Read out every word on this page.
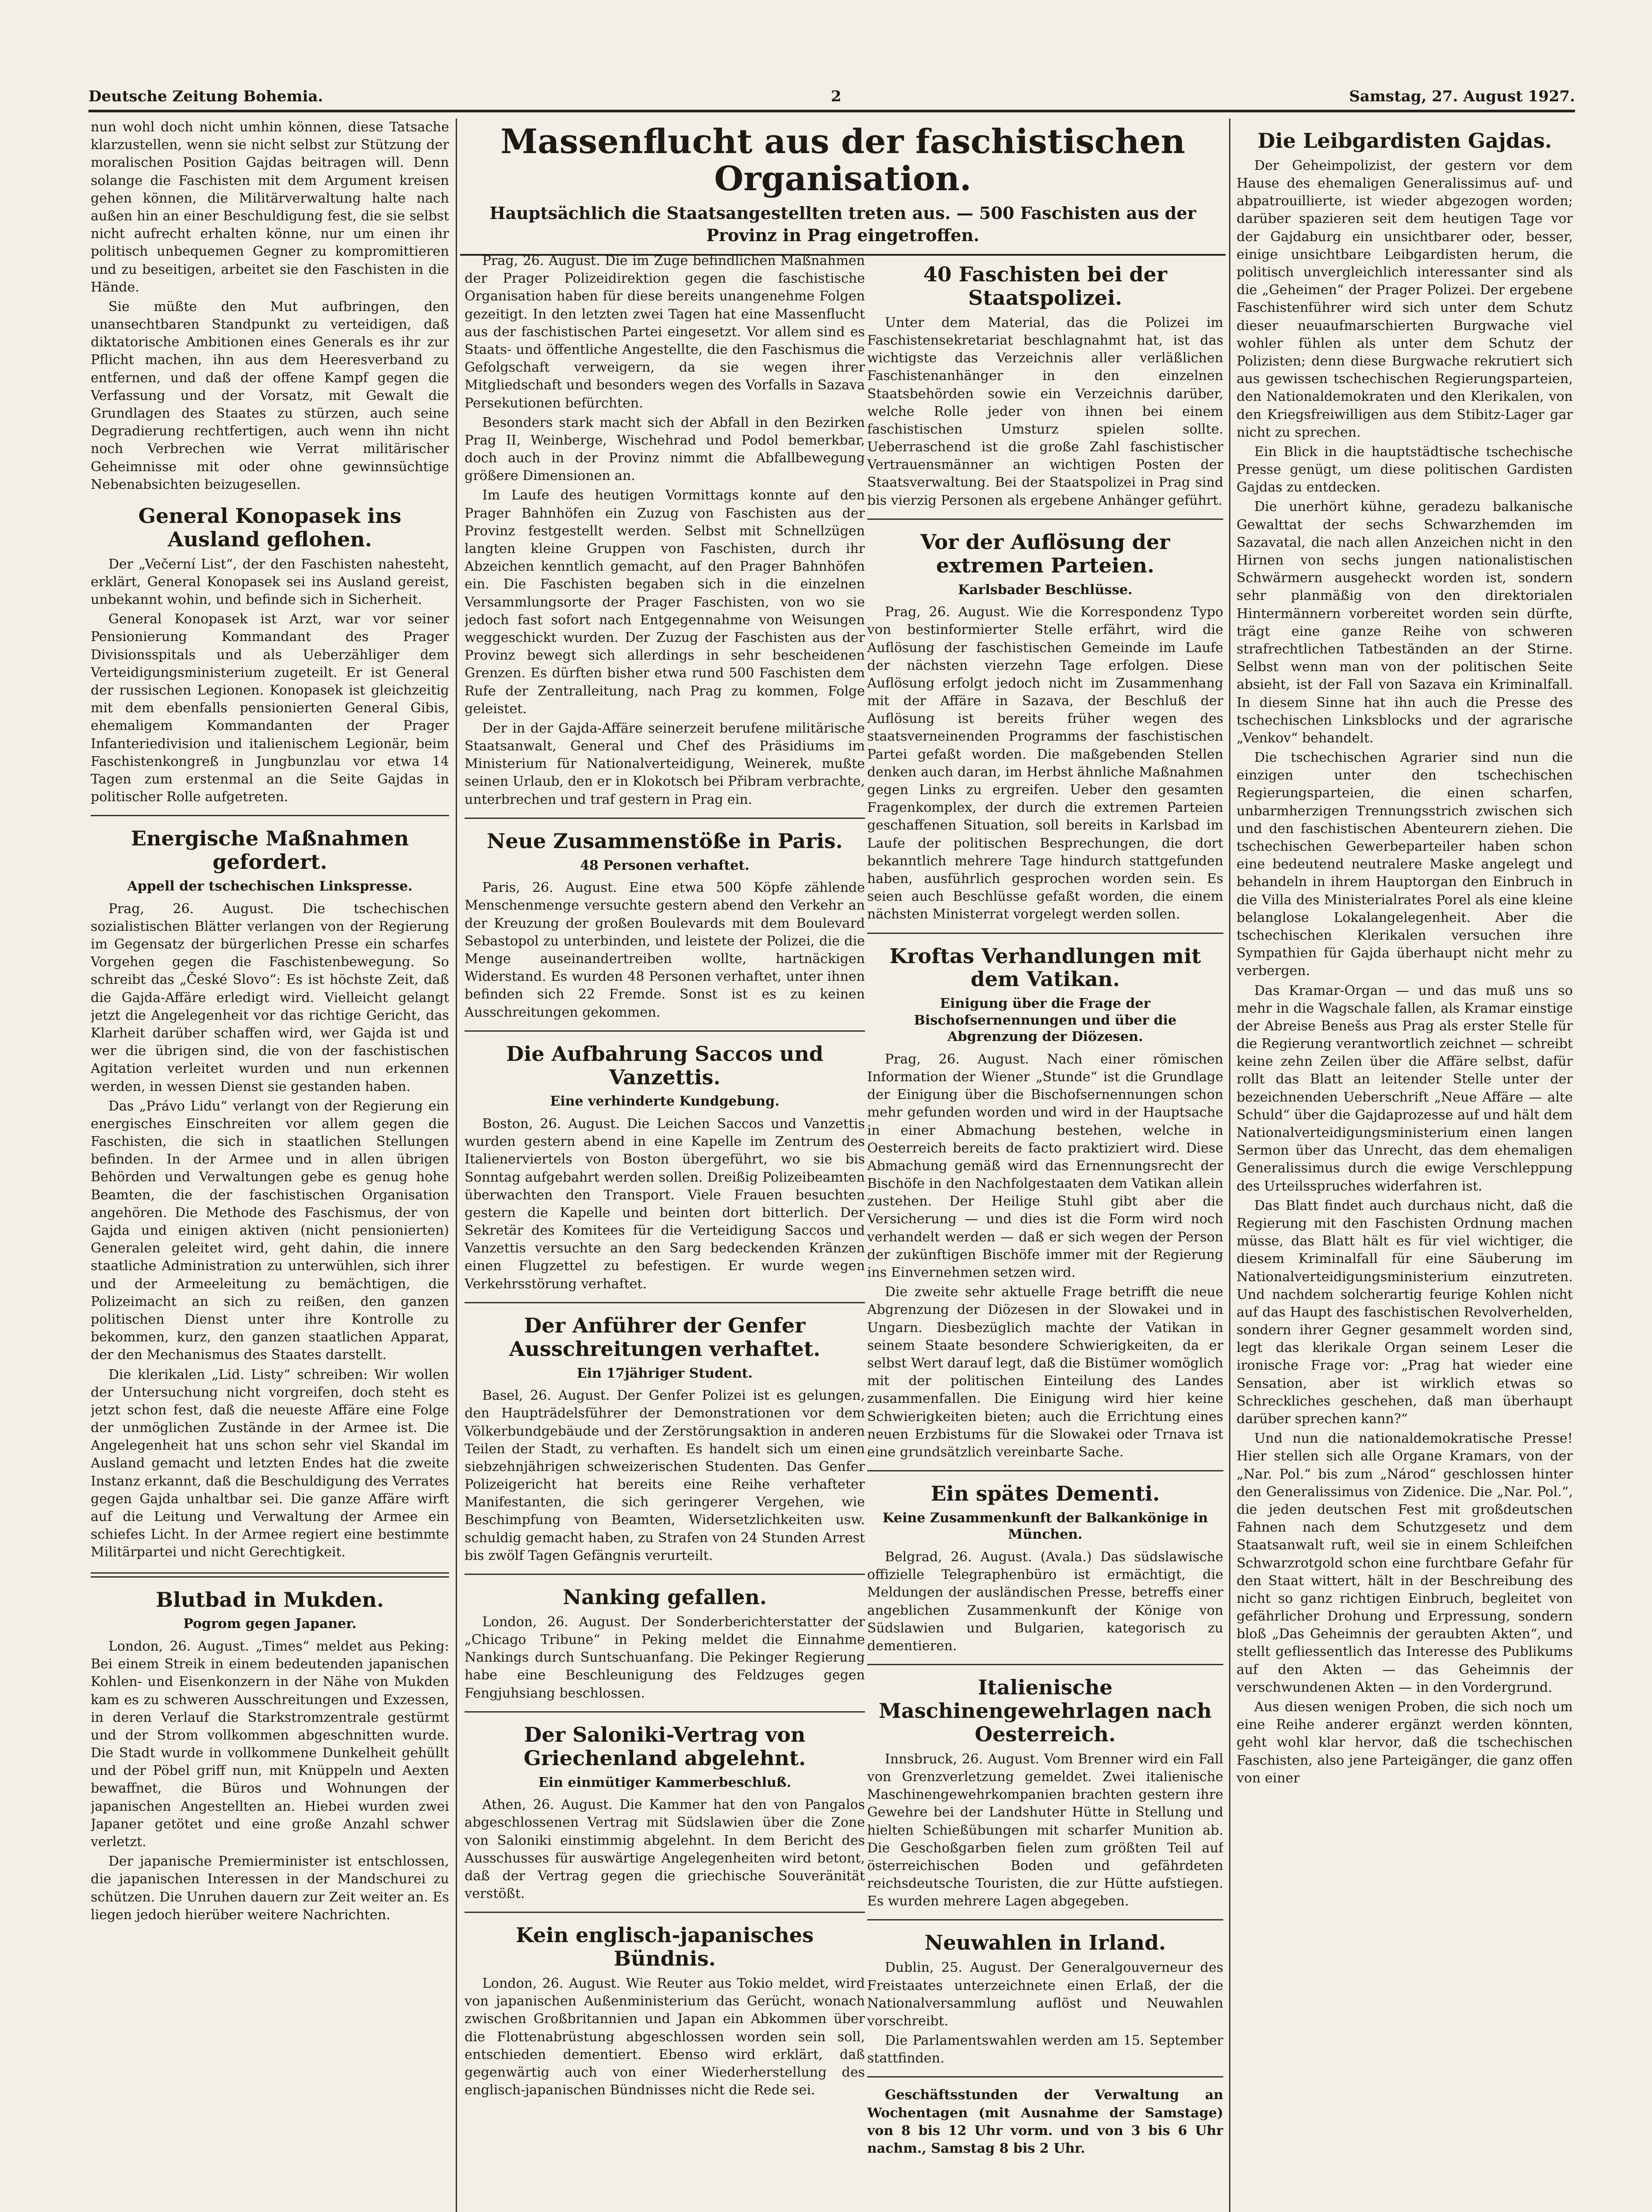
Deutsche Zeitung Bohemia.	2	Samstag, 27. August 1927.

nun wohl doch nicht umhin können, diese Tatsache klarzustellen, wenn sie nicht selbst zur Stützung der moralischen Position Gajdas beitragen will. Denn solange die Faschisten mit dem Argument kreisen gehen können, die Militärverwaltung halte nach außen hin an einer Beschuldigung fest, die sie selbst nicht aufrecht erhalten könne, nur um einen ihr politisch unbequemen Gegner zu kompromittieren und zu beseitigen, arbeitet sie den Faschisten in die Hände.

Sie müßte den Mut aufbringen, den unansechtbaren Standpunkt zu verteidigen, daß diktatorische Ambitionen eines Generals es ihr zur Pflicht machen, ihn aus dem Heeresverband zu entfernen, und daß der offene Kampf gegen die Verfassung und der Vorsatz, mit Gewalt die Grundlagen des Staates zu stürzen, auch seine Degradierung rechtfertigen, auch wenn ihn nicht noch Verbrechen wie Verrat militärischer Geheimnisse mit oder ohne gewinnsüchtige Nebenabsichten beizugesellen.

General Konopasek ins Ausland geflohen.

Der „Večerní List“, der den Faschisten nahesteht, erklärt, General Konopasek sei ins Ausland gereist, unbekannt wohin, und befinde sich in Sicherheit.

General Konopasek ist Arzt, war vor seiner Pensionierung Kommandant des Prager Divisionsspitals und als Ueberzähliger dem Verteidigungsministerium zugeteilt. Er ist General der russischen Legionen. Konopasek ist gleichzeitig mit dem ebenfalls pensionierten General Gibis, ehemaligem Kommandanten der Prager Infanteriedivision und italienischem Legionär, beim Faschistenkongreß in Jungbunzlau vor etwa 14 Tagen zum erstenmal an die Seite Gajdas in politischer Rolle aufgetreten.

Energische Maßnahmen gefordert.
Appell der tschechischen Linkspresse.

Prag, 26. August. Die tschechischen sozialistischen Blätter verlangen von der Regierung im Gegensatz der bürgerlichen Presse ein scharfes Vorgehen gegen die Faschistenbewegung. So schreibt das „České Slovo“: Es ist höchste Zeit, daß die Gajda-Affäre erledigt wird. Vielleicht gelangt jetzt die Angelegenheit vor das richtige Gericht, das Klarheit darüber schaffen wird, wer Gajda ist und wer die übrigen sind, die von der faschistischen Agitation verleitet wurden und nun erkennen werden, in wessen Dienst sie gestanden haben.

Das „Právo Lidu“ verlangt von der Regierung ein energisches Einschreiten vor allem gegen die Faschisten, die sich in staatlichen Stellungen befinden. In der Armee und in allen übrigen Behörden und Verwaltungen gebe es genug hohe Beamten, die der faschistischen Organisation angehören. Die Methode des Faschismus, der von Gajda und einigen aktiven (nicht pensionierten) Generalen geleitet wird, geht dahin, die innere staatliche Administration zu unterwühlen, sich ihrer und der Armeeleitung zu bemächtigen, die Polizeimacht an sich zu reißen, den ganzen politischen Dienst unter ihre Kontrolle zu bekommen, kurz, den ganzen staatlichen Apparat, der den Mechanismus des Staates darstellt.

Die klerikalen „Lid. Listy“ schreiben: Wir wollen der Untersuchung nicht vorgreifen, doch steht es jetzt schon fest, daß die neueste Affäre eine Folge der unmöglichen Zustände in der Armee ist. Die Angelegenheit hat uns schon sehr viel Skandal im Ausland gemacht und letzten Endes hat die zweite Instanz erkannt, daß die Beschuldigung des Verrates gegen Gajda unhaltbar sei. Die ganze Affäre wirft auf die Leitung und Verwaltung der Armee ein schiefes Licht. In der Armee regiert eine bestimmte Militärpartei und nicht Gerechtigkeit.

Blutbad in Mukden.
Pogrom gegen Japaner.

London, 26. August. „Times“ meldet aus Peking: Bei einem Streik in einem bedeutenden japanischen Kohlen- und Eisenkonzern in der Nähe von Mukden kam es zu schweren Ausschreitungen und Exzessen, in deren Verlauf die Starkstromzentrale gestürmt und der Strom vollkommen abgeschnitten wurde. Die Stadt wurde in vollkommene Dunkelheit gehüllt und der Pöbel griff nun, mit Knüppeln und Aexten bewaffnet, die Büros und Wohnungen der japanischen Angestellten an. Hiebei wurden zwei Japaner getötet und eine große Anzahl schwer verletzt.

Der japanische Premierminister ist entschlossen, die japanischen Interessen in der Mandschurei zu schützen. Die Unruhen dauern zur Zeit weiter an. Es liegen jedoch hierüber weitere Nachrichten.

Massenflucht aus der faschistischen Organisation.
Hauptsächlich die Staatsangestellten treten aus. — 500 Faschisten aus der Provinz in Prag eingetroffen.

Prag, 26. August. Die im Zuge befindlichen Maßnahmen der Prager Polizeidirektion gegen die faschistische Organisation haben für diese bereits unangenehme Folgen gezeitigt. In den letzten zwei Tagen hat eine Massenflucht aus der faschistischen Partei eingesetzt. Vor allem sind es Staats- und öffentliche Angestellte, die den Faschismus die Gefolgschaft verweigern, da sie wegen ihrer Mitgliedschaft und besonders wegen des Vorfalls in Sazava Persekutionen befürchten.

Besonders stark macht sich der Abfall in den Bezirken Prag II, Weinberge, Wischehrad und Podol bemerkbar, doch auch in der Provinz nimmt die Abfallbewegung größere Dimensionen an.

Im Laufe des heutigen Vormittags konnte auf den Prager Bahnhöfen ein Zuzug von Faschisten aus der Provinz festgestellt werden. Selbst mit Schnellzügen langten kleine Gruppen von Faschisten, durch ihr Abzeichen kenntlich gemacht, auf den Prager Bahnhöfen ein. Die Faschisten begaben sich in die einzelnen Versammlungsorte der Prager Faschisten, von wo sie jedoch fast sofort nach Entgegennahme von Weisungen weggeschickt wurden. Der Zuzug der Faschisten aus der Provinz bewegt sich allerdings in sehr bescheidenen Grenzen. Es dürften bisher etwa rund 500 Faschisten dem Rufe der Zentralleitung, nach Prag zu kommen, Folge geleistet.

Der in der Gajda-Affäre seinerzeit berufene militärische Staatsanwalt, General und Chef des Präsidiums im Ministerium für Nationalverteidigung, Weinerek, mußte seinen Urlaub, den er in Klokotsch bei Přibram verbrachte, unterbrechen und traf gestern in Prag ein.

Neue Zusammenstöße in Paris.
48 Personen verhaftet.

Paris, 26. August. Eine etwa 500 Köpfe zählende Menschenmenge versuchte gestern abend den Verkehr an der Kreuzung der großen Boulevards mit dem Boulevard Sebastopol zu unterbinden, und leistete der Polizei, die die Menge auseinandertreiben wollte, hartnäckigen Widerstand. Es wurden 48 Personen verhaftet, unter ihnen befinden sich 22 Fremde. Sonst ist es zu keinen Ausschreitungen gekommen.

Die Aufbahrung Saccos und Vanzettis.
Eine verhinderte Kundgebung.

Boston, 26. August. Die Leichen Saccos und Vanzettis wurden gestern abend in eine Kapelle im Zentrum des Italienerviertels von Boston übergeführt, wo sie bis Sonntag aufgebahrt werden sollen. Dreißig Polizeibeamten überwachten den Transport. Viele Frauen besuchten gestern die Kapelle und beinten dort bitterlich. Der Sekretär des Komitees für die Verteidigung Saccos und Vanzettis versuchte an den Sarg bedeckenden Kränzen einen Flugzettel zu befestigen. Er wurde wegen Verkehrsstörung verhaftet.

Der Anführer der Genfer Ausschreitungen verhaftet.
Ein 17jähriger Student.

Basel, 26. August. Der Genfer Polizei ist es gelungen, den Haupträdelsführer der Demonstrationen vor dem Völkerbundgebäude und der Zerstörungsaktion in anderen Teilen der Stadt, zu verhaften. Es handelt sich um einen siebzehnjährigen schweizerischen Studenten. Das Genfer Polizeigericht hat bereits eine Reihe verhafteter Manifestanten, die sich geringerer Vergehen, wie Beschimpfung von Beamten, Widersetzlichkeiten usw. schuldig gemacht haben, zu Strafen von 24 Stunden Arrest bis zwölf Tagen Gefängnis verurteilt.

Nanking gefallen.

London, 26. August. Der Sonderberichterstatter der „Chicago Tribune“ in Peking meldet die Einnahme Nankings durch Suntschuanfang. Die Pekinger Regierung habe eine Beschleunigung des Feldzuges gegen Fengjuhsiang beschlossen.

Der Saloniki-Vertrag von Griechenland abgelehnt.
Ein einmütiger Kammerbeschluß.

Athen, 26. August. Die Kammer hat den von Pangalos abgeschlossenen Vertrag mit Südslawien über die Zone von Saloniki einstimmig abgelehnt. In dem Bericht des Ausschusses für auswärtige Angelegenheiten wird betont, daß der Vertrag gegen die griechische Souveränität verstößt.

Kein englisch-japanisches Bündnis.

London, 26. August. Wie Reuter aus Tokio meldet, wird von japanischen Außenministerium das Gerücht, wonach zwischen Großbritannien und Japan ein Abkommen über die Flottenabrüstung abgeschlossen worden sein soll, entschieden dementiert. Ebenso wird erklärt, daß gegenwärtig auch von einer Wiederherstellung des englisch-japanischen Bündnisses nicht die Rede sei.

40 Faschisten bei der Staatspolizei.

Unter dem Material, das die Polizei im Faschistensekretariat beschlagnahmt hat, ist das wichtigste das Verzeichnis aller verläßlichen Faschistenanhänger in den einzelnen Staatsbehörden sowie ein Verzeichnis darüber, welche Rolle jeder von ihnen bei einem faschistischen Umsturz spielen sollte. Ueberraschend ist die große Zahl faschistischer Vertrauensmänner an wichtigen Posten der Staatsverwaltung. Bei der Staatspolizei in Prag sind bis vierzig Personen als ergebene Anhänger geführt.

Vor der Auflösung der extremen Parteien.
Karlsbader Beschlüsse.

Prag, 26. August. Wie die Korrespondenz Typo von bestinformierter Stelle erfährt, wird die Auflösung der faschistischen Gemeinde im Laufe der nächsten vierzehn Tage erfolgen. Diese Auflösung erfolgt jedoch nicht im Zusammenhang mit der Affäre in Sazava, der Beschluß der Auflösung ist bereits früher wegen des staatsverneinenden Programms der faschistischen Partei gefaßt worden. Die maßgebenden Stellen denken auch daran, im Herbst ähnliche Maßnahmen gegen Links zu ergreifen. Ueber den gesamten Fragenkomplex, der durch die extremen Parteien geschaffenen Situation, soll bereits in Karlsbad im Laufe der politischen Besprechungen, die dort bekanntlich mehrere Tage hindurch stattgefunden haben, ausführlich gesprochen worden sein. Es seien auch Beschlüsse gefaßt worden, die einem nächsten Ministerrat vorgelegt werden sollen.

Kroftas Verhandlungen mit dem Vatikan.
Einigung über die Frage der Bischofsernennungen und über die Abgrenzung der Diözesen.

Prag, 26. August. Nach einer römischen Information der Wiener „Stunde“ ist die Grundlage der Einigung über die Bischofsernennungen schon mehr gefunden worden und wird in der Hauptsache in einer Abmachung bestehen, welche in Oesterreich bereits de facto praktiziert wird. Diese Abmachung gemäß wird das Ernennungsrecht der Bischöfe in den Nachfolgestaaten dem Vatikan allein zustehen. Der Heilige Stuhl gibt aber die Versicherung — und dies ist die Form wird noch verhandelt werden — daß er sich wegen der Person der zukünftigen Bischöfe immer mit der Regierung ins Einvernehmen setzen wird.

Die zweite sehr aktuelle Frage betrifft die neue Abgrenzung der Diözesen in der Slowakei und in Ungarn. Diesbezüglich machte der Vatikan in seinem Staate besondere Schwierigkeiten, da er selbst Wert darauf legt, daß die Bistümer womöglich mit der politischen Einteilung des Landes zusammenfallen. Die Einigung wird hier keine Schwierigkeiten bieten; auch die Errichtung eines neuen Erzbistums für die Slowakei oder Trnava ist eine grundsätzlich vereinbarte Sache.

Ein spätes Dementi.
Keine Zusammenkunft der Balkankönige in München.

Belgrad, 26. August. (Avala.) Das südslawische offizielle Telegraphenbüro ist ermächtigt, die Meldungen der ausländischen Presse, betreffs einer angeblichen Zusammenkunft der Könige von Südslawien und Bulgarien, kategorisch zu dementieren.

Italienische Maschinengewehrlagen nach Oesterreich.

Innsbruck, 26. August. Vom Brenner wird ein Fall von Grenzverletzung gemeldet. Zwei italienische Maschinengewehrkompanien brachten gestern ihre Gewehre bei der Landshuter Hütte in Stellung und hielten Schießübungen mit scharfer Munition ab. Die Geschoßgarben fielen zum größten Teil auf österreichischen Boden und gefährdeten reichsdeutsche Touristen, die zur Hütte aufstiegen. Es wurden mehrere Lagen abgegeben.

Neuwahlen in Irland.

Dublin, 25. August. Der Generalgouverneur des Freistaates unterzeichnete einen Erlaß, der die Nationalversammlung auflöst und Neuwahlen vorschreibt.

Die Parlamentswahlen werden am 15. September stattfinden.

Geschäftsstunden der Verwaltung an Wochentagen (mit Ausnahme der Samstage) von 8 bis 12 Uhr vorm. und von 3 bis 6 Uhr nachm., Samstag 8 bis 2 Uhr.

Die Leibgardisten Gajdas.

Der Geheimpolizist, der gestern vor dem Hause des ehemaligen Generalissimus auf- und abpatrouillierte, ist wieder abgezogen worden; darüber spazieren seit dem heutigen Tage vor der Gajdaburg ein unsichtbarer oder, besser, einige unsichtbare Leibgardisten herum, die politisch unvergleichlich interessanter sind als die „Geheimen“ der Prager Polizei. Der ergebene Faschistenführer wird sich unter dem Schutz dieser neuaufmarschierten Burgwache viel wohler fühlen als unter dem Schutz der Polizisten; denn diese Burgwache rekrutiert sich aus gewissen tschechischen Regierungsparteien, den Nationaldemokraten und den Klerikalen, von den Kriegsfreiwilligen aus dem Stibitz-Lager gar nicht zu sprechen.

Ein Blick in die hauptstädtische tschechische Presse genügt, um diese politischen Gardisten Gajdas zu entdecken.

Die unerhört kühne, geradezu balkanische Gewalttat der sechs Schwarzhemden im Sazavatal, die nach allen Anzeichen nicht in den Hirnen von sechs jungen nationalistischen Schwärmern ausgeheckt worden ist, sondern sehr planmäßig von den direktorialen Hintermännern vorbereitet worden sein dürfte, trägt eine ganze Reihe von schweren strafrechtlichen Tatbeständen an der Stirne. Selbst wenn man von der politischen Seite absieht, ist der Fall von Sazava ein Kriminalfall. In diesem Sinne hat ihn auch die Presse des tschechischen Linksblocks und der agrarische „Venkov“ behandelt.

Die tschechischen Agrarier sind nun die einzigen unter den tschechischen Regierungsparteien, die einen scharfen, unbarmherzigen Trennungsstrich zwischen sich und den faschistischen Abenteurern ziehen. Die tschechischen Gewerbeparteiler haben schon eine bedeutend neutralere Maske angelegt und behandeln in ihrem Hauptorgan den Einbruch in die Villa des Ministerialrates Porel als eine kleine belanglose Lokalangelegenheit. Aber die tschechischen Klerikalen versuchen ihre Sympathien für Gajda überhaupt nicht mehr zu verbergen.

Das Kramar-Organ — und das muß uns so mehr in die Wagschale fallen, als Kramar einstige der Abreise Benešs aus Prag als erster Stelle für die Regierung verantwortlich zeichnet — schreibt keine zehn Zeilen über die Affäre selbst, dafür rollt das Blatt an leitender Stelle unter der bezeichnenden Ueberschrift „Neue Affäre — alte Schuld“ über die Gajdaprozesse auf und hält dem Nationalverteidigungsministerium einen langen Sermon über das Unrecht, das dem ehemaligen Generalissimus durch die ewige Verschleppung des Urteilsspruches widerfahren ist.

Das Blatt findet auch durchaus nicht, daß die Regierung mit den Faschisten Ordnung machen müsse, das Blatt hält es für viel wichtiger, die diesem Kriminalfall für eine Säuberung im Nationalverteidigungsministerium einzutreten. Und nachdem solcherartig feurige Kohlen nicht auf das Haupt des faschistischen Revolverhelden, sondern ihrer Gegner gesammelt worden sind, legt das klerikale Organ seinem Leser die ironische Frage vor: „Prag hat wieder eine Sensation, aber ist wirklich etwas so Schreckliches geschehen, daß man überhaupt darüber sprechen kann?“

Und nun die nationaldemokratische Presse! Hier stellen sich alle Organe Kramars, von der „Nar. Pol.“ bis zum „Národ“ geschlossen hinter den Generalissimus von Zidenice. Die „Nar. Pol.“, die jeden deutschen Fest mit großdeutschen Fahnen nach dem Schutzgesetz und dem Staatsanwalt ruft, weil sie in einem Schleifchen Schwarzrotgold schon eine furchtbare Gefahr für den Staat wittert, hält in der Beschreibung des nicht so ganz richtigen Einbruch, begleitet von gefährlicher Drohung und Erpressung, sondern bloß „Das Geheimnis der geraubten Akten“, und stellt gefliessentlich das Interesse des Publikums auf den Akten — das Geheimnis der verschwundenen Akten — in den Vordergrund.

Aus diesen wenigen Proben, die sich noch um eine Reihe anderer ergänzt werden könnten, geht wohl klar hervor, daß die tschechischen Faschisten, also jene Parteigänger, die ganz offen von einer
